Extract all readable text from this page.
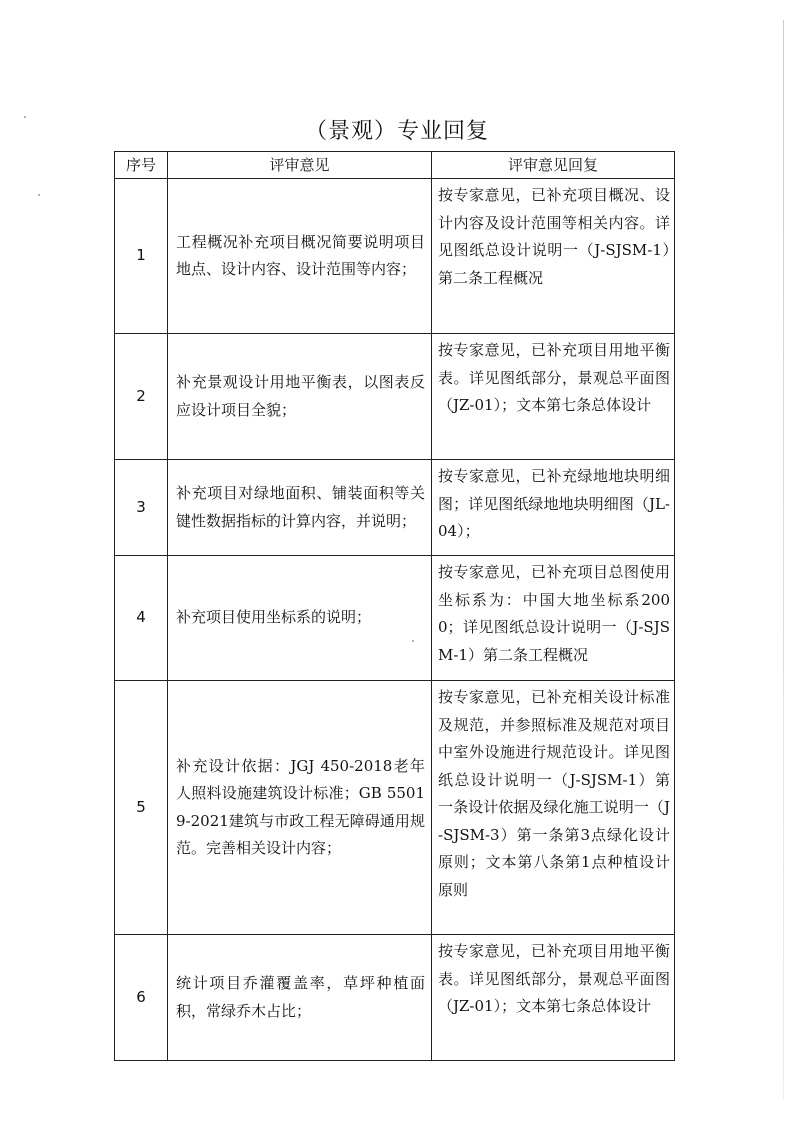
（景观）专业回复
序号	评审意见	评审意见回复
1	工程概况补充项目概况简要说明项目地点、设计内容、设计范围等内容；	按专家意见，已补充项目概况、设计内容及设计范围等相关内容。详见图纸总设计说明一（J-SJSM-1）第二条工程概况

2	补充景观设计用地平衡表，以图表反应设计项目全貌；	按专家意见，已补充项目用地平衡表。详见图纸部分，景观总平面图（JZ-01）；文本第七条总体设计

3	补充项目对绿地面积、铺装面积等关键性数据指标的计算内容，并说明；	按专家意见，已补充绿地地块明细图；详见图纸绿地地块明细图（JL-04）；

4	补充项目使用坐标系的说明；	按专家意见，已补充项目总图使用坐标系为：中国大地坐标系2000；详见图纸总设计说明一（J-SJSM-1）第二条工程概况

5	补充设计依据：JGJ 450-2018老年人照料设施建筑设计标准；GB 55019-2021建筑与市政工程无障碍通用规范。完善相关设计内容；	按专家意见，已补充相关设计标准及规范，并参照标准及规范对项目中室外设施进行规范设计。详见图纸总设计说明一（J-SJSM-1）第一条设计依据及绿化施工说明一（J-SJSM-3）第一条第3点绿化设计原则；文本第八条第1点种植设计原则

6	统计项目乔灌覆盖率，草坪种植面积，常绿乔木占比；	按专家意见，已补充项目用地平衡表。详见图纸部分，景观总平面图（JZ-01）；文本第七条总体设计
